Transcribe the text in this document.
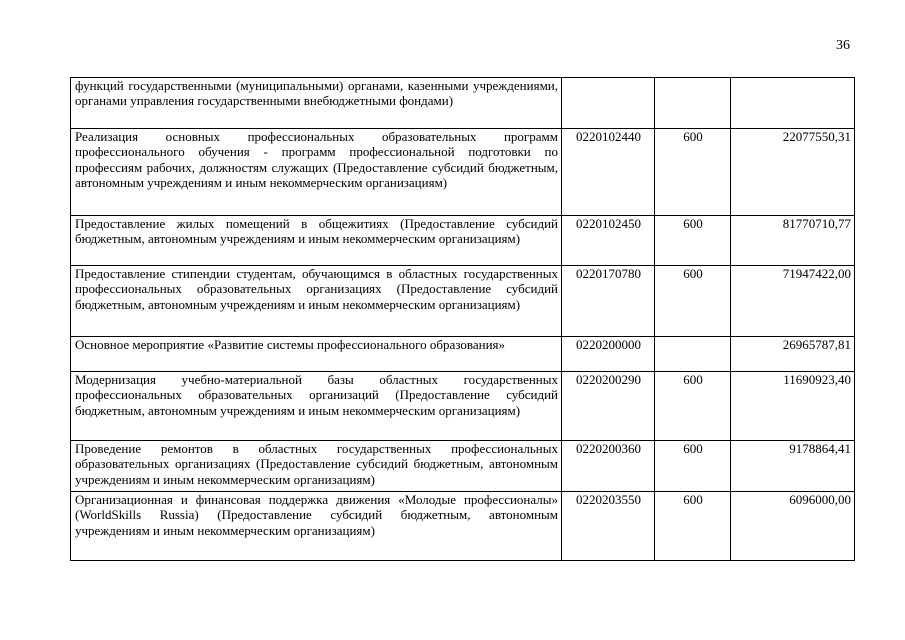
36
функций государственными (муниципальными) органами, казенными учреждениями, органами управления государственными внебюджетными фондами)			
Реализация основных профессиональных образовательных программ профессионального обучения - программ профессиональной подготовки по профессиям рабочих, должностям служащих (Предоставление субсидий бюджетным, автономным учреждениям и иным некоммерческим организациям)	0220102440	600	22077550,31
Предоставление жилых помещений в общежитиях (Предоставление субсидий бюджетным, автономным учреждениям и иным некоммерческим организациям)	0220102450	600	81770710,77
Предоставление стипендии студентам, обучающимся в областных государственных профессиональных образовательных организациях (Предоставление субсидий бюджетным, автономным учреждениям и иным некоммерческим организациям)	0220170780	600	71947422,00
Основное мероприятие «Развитие системы профессионального образования»	0220200000		26965787,81
Модернизация учебно-материальной базы областных государственных профессиональных образовательных организаций (Предоставление субсидий бюджетным, автономным учреждениям и иным некоммерческим организациям)	0220200290	600	11690923,40
Проведение ремонтов в областных государственных профессиональных образовательных организациях (Предоставление субсидий бюджетным, автономным учреждениям и иным некоммерческим организациям)	0220200360	600	9178864,41
Организационная и финансовая поддержка движения «Молодые профессионалы» (WorldSkills Russia) (Предоставление субсидий бюджетным, автономным учреждениям и иным некоммерческим организациям)	0220203550	600	6096000,00
